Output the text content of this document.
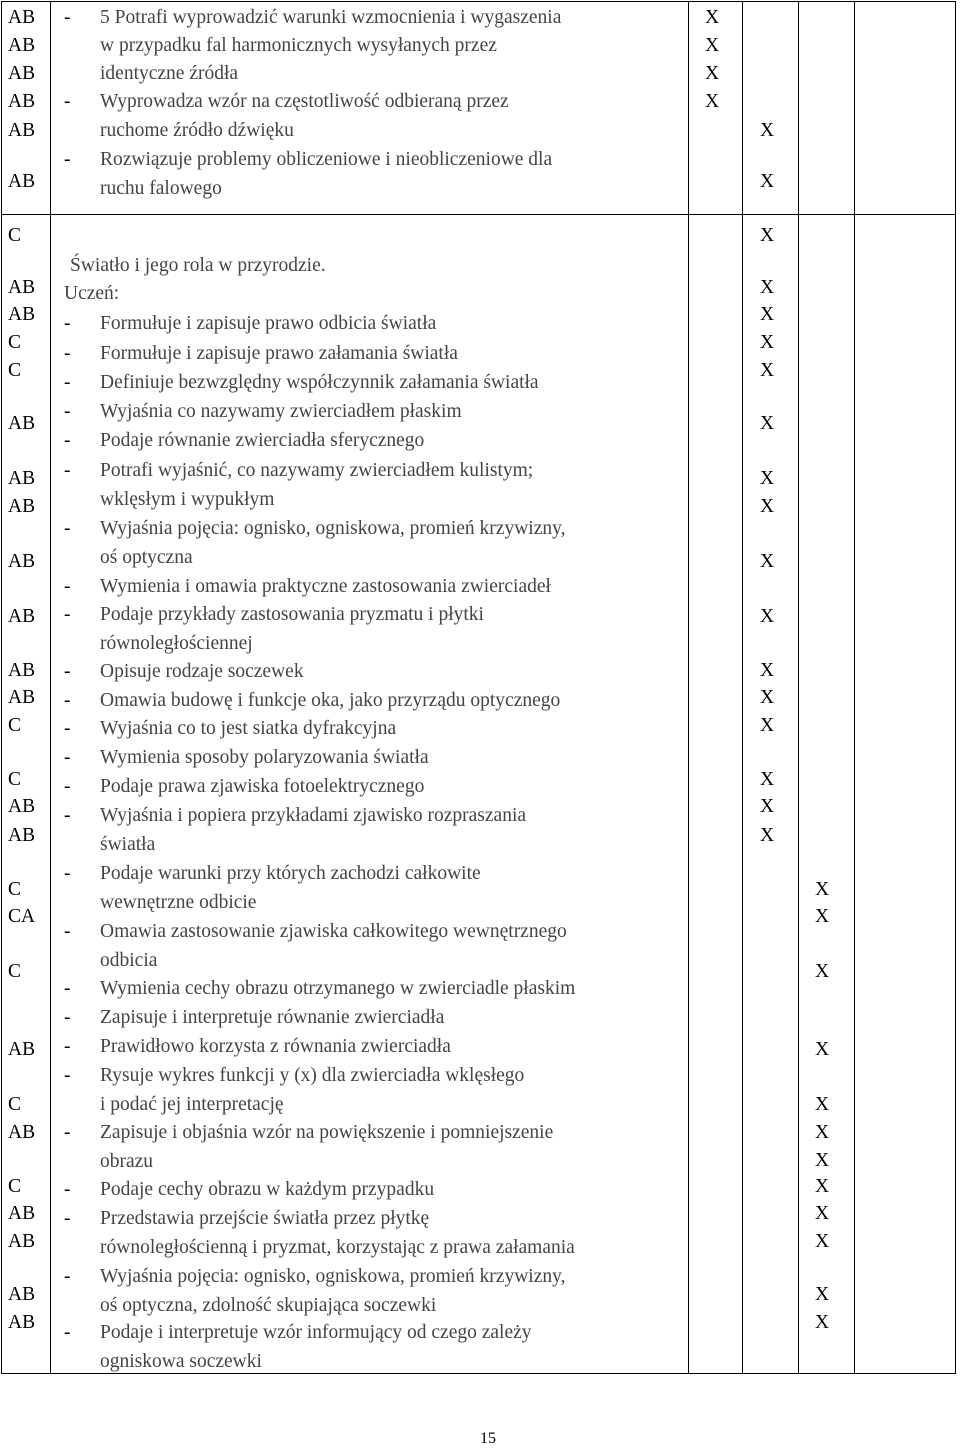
AB
AB
AB
AB
AB
AB
- 5 Potrafi wyprowadzić warunki wzmocnienia i wygaszenia
w przypadku fal harmonicznych wysyłanych przez
identyczne źródła
- Wyprowadza wzór na częstotliwość odbieraną przez
ruchome źródło dźwięku
- Rozwiązuje problemy obliczeniowe i nieobliczeniowe dla
ruchu falowego
X
X
X
X
X
X
Światło i jego rola w przyrodzie.
Uczeń:
C
AB
AB
C
C
AB
AB
AB
AB
AB
AB
AB
C
C
AB
AB
C
CA
C
AB
C
AB
C
AB
AB
AB
AB
- Formułuje i zapisuje prawo odbicia światła
- Formułuje i zapisuje prawo załamania światła
- Definiuje bezwzględny współczynnik załamania światła
- Wyjaśnia co nazywamy zwierciadłem płaskim
- Podaje równanie zwierciadła sferycznego
- Potrafi wyjaśnić, co nazywamy zwierciadłem kulistym;
wklęsłym i wypukłym
- Wyjaśnia pojęcia: ognisko, ogniskowa, promień krzywizny,
oś optyczna
- Wymienia i omawia praktyczne zastosowania zwierciadeł
- Podaje przykłady zastosowania pryzmatu i płytki
równoległościennej
- Opisuje rodzaje soczewek
- Omawia budowę i funkcje oka, jako przyrządu optycznego
- Wyjaśnia co to jest siatka dyfrakcyjna
- Wymienia sposoby polaryzowania światła
- Podaje prawa zjawiska fotoelektrycznego
- Wyjaśnia i popiera przykładami zjawisko rozpraszania
światła
- Podaje warunki przy których zachodzi całkowite
wewnętrzne odbicie
- Omawia zastosowanie zjawiska całkowitego wewnętrznego
odbicia
- Wymienia cechy obrazu otrzymanego w zwierciadle płaskim
- Zapisuje i interpretuje równanie zwierciadła
- Prawidłowo korzysta z równania zwierciadła
- Rysuje wykres funkcji y (x) dla zwierciadła wklęsłego
i podać jej interpretację
- Zapisuje i objaśnia wzór na powiększenie i pomniejszenie
obrazu
- Podaje cechy obrazu w każdym przypadku
- Przedstawia przejście światła przez płytkę
równoległościenną i pryzmat, korzystając z prawa załamania
- Wyjaśnia pojęcia: ognisko, ogniskowa, promień krzywizny,
oś optyczna, zdolność skupiająca soczewki
- Podaje i interpretuje wzór informujący od czego zależy
ogniskowa soczewki
X
X
X
X
X
X
X
X
X
X
X
X
X
X
X
X
X
X
X
X
X
X
X
X
X
X
X
X
15
